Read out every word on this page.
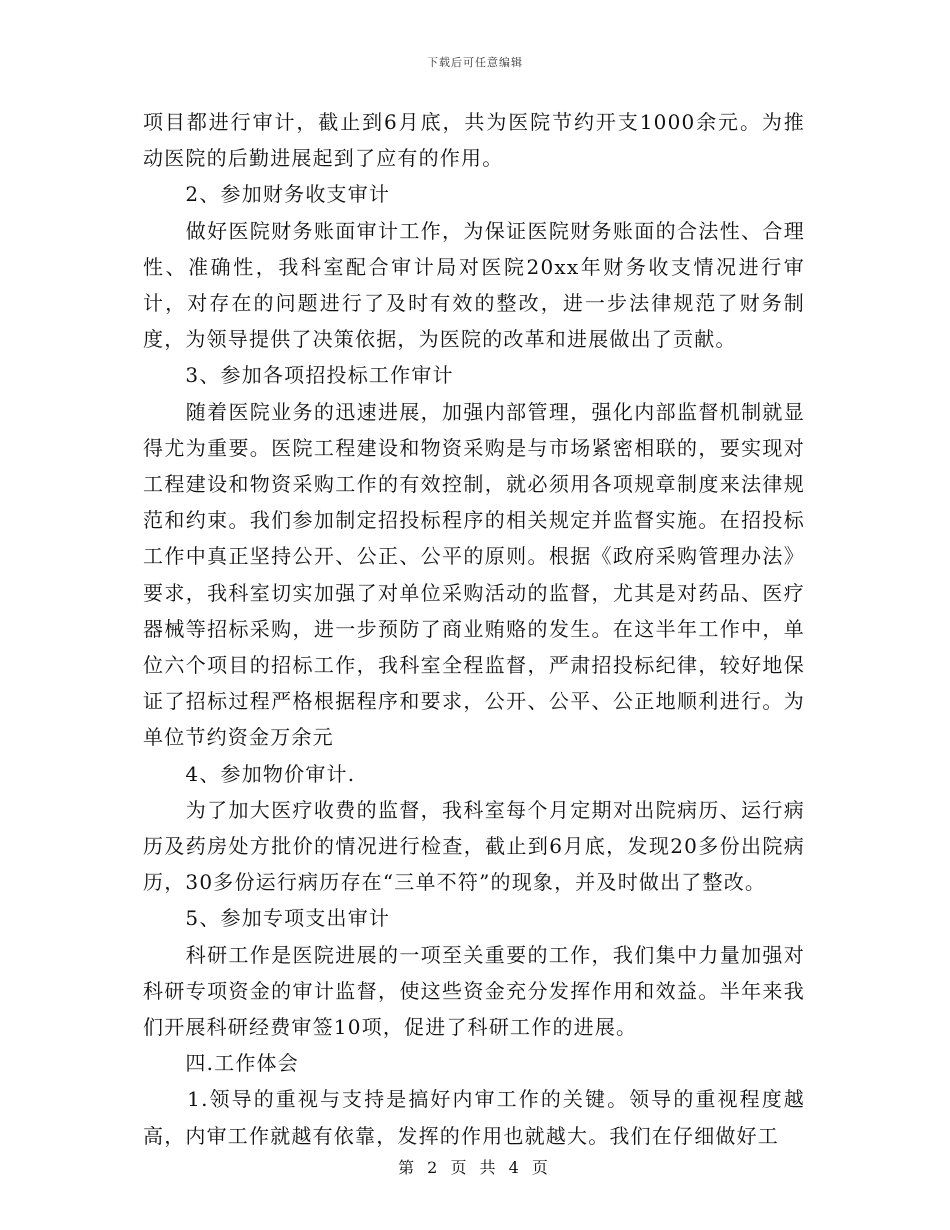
下载后可任意编辑

项目都进行审计，截止到6月底，共为医院节约开支1000余元。为推动医院的后勤进展起到了应有的作用。

　　2、参加财务收支审计

　　做好医院财务账面审计工作，为保证医院财务账面的合法性、合理性、准确性，我科室配合审计局对医院20xx年财务收支情况进行审计，对存在的问题进行了及时有效的整改，进一步法律规范了财务制度，为领导提供了决策依据，为医院的改革和进展做出了贡献。

　　3、参加各项招投标工作审计

　　随着医院业务的迅速进展，加强内部管理，强化内部监督机制就显得尤为重要。医院工程建设和物资采购是与市场紧密相联的，要实现对工程建设和物资采购工作的有效控制，就必须用各项规章制度来法律规范和约束。我们参加制定招投标程序的相关规定并监督实施。在招投标工作中真正坚持公开、公正、公平的原则。根据《政府采购管理办法》要求，我科室切实加强了对单位采购活动的监督，尤其是对药品、医疗器械等招标采购，进一步预防了商业贿赂的发生。在这半年工作中，单位六个项目的招标工作，我科室全程监督，严肃招投标纪律，较好地保证了招标过程严格根据程序和要求，公开、公平、公正地顺利进行。为单位节约资金万余元

　　4、参加物价审计.

　　为了加大医疗收费的监督，我科室每个月定期对出院病历、运行病历及药房处方批价的情况进行检查，截止到6月底，发现20多份出院病历，30多份运行病历存在“三单不符”的现象，并及时做出了整改。

　　5、参加专项支出审计

　　科研工作是医院进展的一项至关重要的工作，我们集中力量加强对科研专项资金的审计监督，使这些资金充分发挥作用和效益。半年来我们开展科研经费审签10项，促进了科研工作的进展。

　　四.工作体会

　　1.领导的重视与支持是搞好内审工作的关键。领导的重视程度越高，内审工作就越有依靠，发挥的作用也就越大。我们在仔细做好工

第 2 页 共 4 页
